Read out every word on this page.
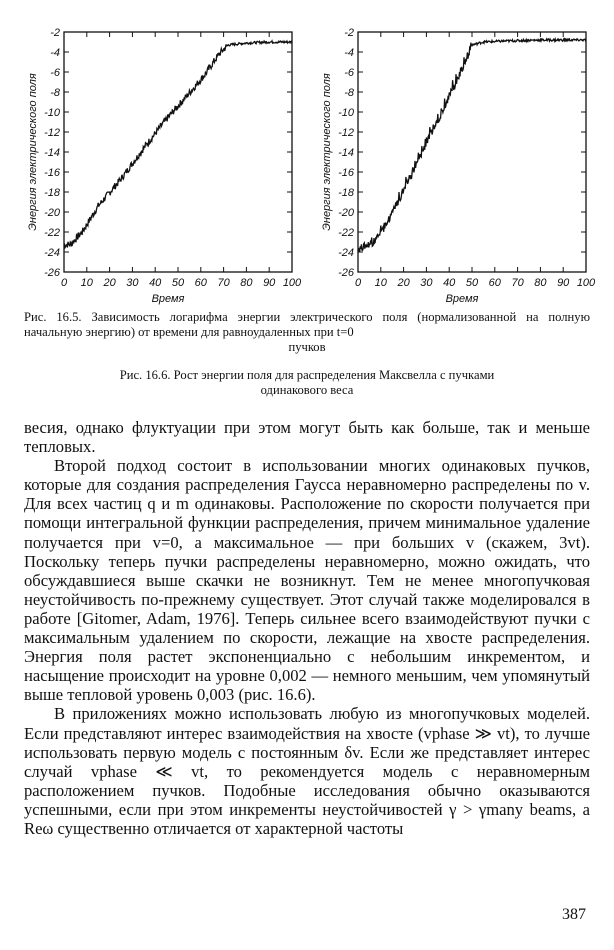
0 10 20 30 40 50 60 70 80 90 100
-2
-4
-6
-8
-10
-12
-14
-16
-18
-20
-22
-24
-26
Время
Энергия электрического поля
0 10 20 30 40 50 60 70 80 90 100
-2
-4
-6
-8
-10
-12
-14
-16
-18
-20
-22
-24
-26
Время
Энергия электрического поля
Рис. 16.5. Зависимость логарифма энергии электрического поля (нормализованной на полную начальную энергию) от времени для равноудаленных при t=0
пучков
Рис. 16.6. Рост энергии поля для распределения Максвелла с пучками
одинакового веса

весия, однако флуктуации при этом могут быть как больше, так и меньше тепловых.

Второй подход состоит в использовании многих одинаковых пучков, которые для создания распределения Гаусса неравномерно распределены по v. Для всех частиц q и m одинаковы. Расположение по скорости получается при помощи интегральной функции распределения, причем минимальное удаление получается при v=0, а максимальное — при больших v (скажем, 3vt). Поскольку теперь пучки распределены неравномерно, можно ожидать, что обсуждавшиеся выше скачки не возникнут. Тем не менее многопучковая неустойчивость по-прежнему существует. Этот случай также моделировался в работе [Gitomer, Adam, 1976]. Теперь сильнее всего взаимодействуют пучки с максимальным удалением по скорости, лежащие на хвосте распределения. Энергия поля растет экспоненциально с небольшим инкрементом, и насыщение происходит на уровне 0,002 — немного меньшим, чем упомянутый выше тепловой уровень 0,003 (рис. 16.6).

В приложениях можно использовать любую из многопучковых моделей. Если представляют интерес взаимодействия на хвосте (vphase ≫ vt), то лучше использовать первую модель с постоянным δv. Если же представляет интерес случай vphase ≪ vt, то рекомендуется модель с неравномерным расположением пучков. Подобные исследования обычно оказываются успешными, если при этом инкременты неустойчивостей γ > γmany beams, а Reω существенно отличается от характерной частоты

387
